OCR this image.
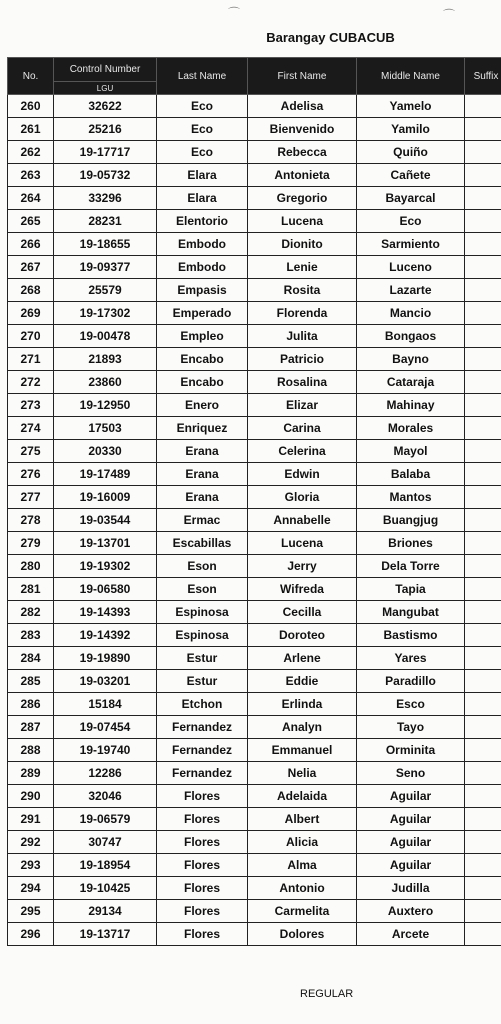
⌒	⌒
Barangay CUBACUB
No.	Control Number	Last Name	First Name	Middle Name	Suffix
	LGU				
260	32622	Eco	Adelisa	Yamelo	
261	25216	Eco	Bienvenido	Yamilo	
262	19-17717	Eco	Rebecca	Quiño	
263	19-05732	Elara	Antonieta	Cañete	
264	33296	Elara	Gregorio	Bayarcal	
265	28231	Elentorio	Lucena	Eco	
266	19-18655	Embodo	Dionito	Sarmiento	
267	19-09377	Embodo	Lenie	Luceno	
268	25579	Empasis	Rosita	Lazarte	
269	19-17302	Emperado	Florenda	Mancio	
270	19-00478	Empleo	Julita	Bongaos	
271	21893	Encabo	Patricio	Bayno	
272	23860	Encabo	Rosalina	Cataraja	
273	19-12950	Enero	Elizar	Mahinay	
274	17503	Enriquez	Carina	Morales	
275	20330	Erana	Celerina	Mayol	
276	19-17489	Erana	Edwin	Balaba	
277	19-16009	Erana	Gloria	Mantos	
278	19-03544	Ermac	Annabelle	Buangjug	
279	19-13701	Escabillas	Lucena	Briones	
280	19-19302	Eson	Jerry	Dela Torre	
281	19-06580	Eson	Wifreda	Tapia	
282	19-14393	Espinosa	Cecilla	Mangubat	
283	19-14392	Espinosa	Doroteo	Bastismo	
284	19-19890	Estur	Arlene	Yares	
285	19-03201	Estur	Eddie	Paradillo	
286	15184	Etchon	Erlinda	Esco	
287	19-07454	Fernandez	Analyn	Tayo	
288	19-19740	Fernandez	Emmanuel	Orminita	
289	12286	Fernandez	Nelia	Seno	
290	32046	Flores	Adelaida	Aguilar	
291	19-06579	Flores	Albert	Aguilar	
292	30747	Flores	Alicia	Aguilar	
293	19-18954	Flores	Alma	Aguilar	
294	19-10425	Flores	Antonio	Judilla	
295	29134	Flores	Carmelita	Auxtero	
296	19-13717	Flores	Dolores	Arcete	
REGULAR
